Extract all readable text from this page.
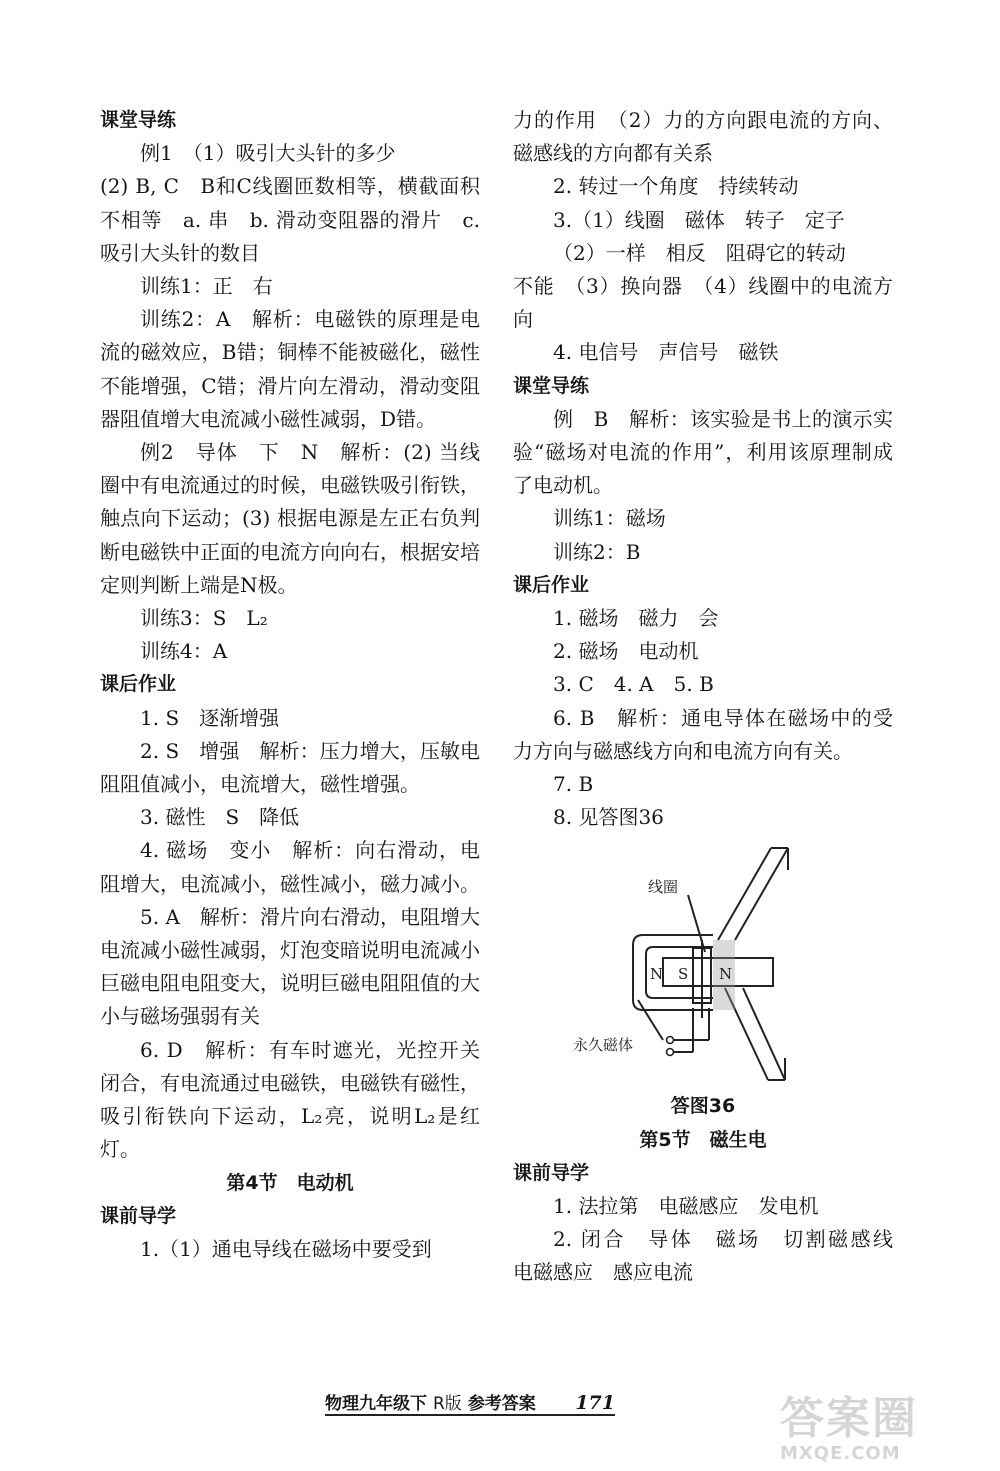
课堂导练

例1　（1）吸引大头针的多少

(2) B, C　B和C线圈匝数相等，横截面积不相等　a. 串　b. 滑动变阻器的滑片　c. 吸引大头针的数目

训练1：正　右

训练2：A　解析：电磁铁的原理是电流的磁效应，B错；铜棒不能被磁化，磁性不能增强，C错；滑片向左滑动，滑动变阻器阻值增大电流减小磁性减弱，D错。

例2　导体　下　N　解析：(2) 当线圈中有电流通过的时候，电磁铁吸引衔铁，触点向下运动；(3) 根据电源是左正右负判断电磁铁中正面的电流方向向右，根据安培定则判断上端是N极。

训练3：S　L₂

训练4：A

课后作业

1. S　逐渐增强

2. S　增强　解析：压力增大，压敏电阻阻值减小，电流增大，磁性增强。

3. 磁性　S　降低

4. 磁场　变小　解析：向右滑动，电阻增大，电流减小，磁性减小，磁力减小。

5. A　解析：滑片向右滑动，电阻增大电流减小磁性减弱，灯泡变暗说明电流减小巨磁电阻电阻变大，说明巨磁电阻阻值的大小与磁场强弱有关

6. D　解析：有车时遮光，光控开关闭合，有电流通过电磁铁，电磁铁有磁性，吸引衔铁向下运动，L₂亮，说明L₂是红灯。

第4节　电动机

课前导学

1.（1）通电导线在磁场中要受到

力的作用　（2）力的方向跟电流的方向、磁感线的方向都有关系

2. 转过一个角度　持续转动

3.（1）线圈　磁体　转子　定子

（2）一样　相反　阻碍它的转动

不能　（3）换向器　（4）线圈中的电流方向

4. 电信号　声信号　磁铁

课堂导练

例　B　解析：该实验是书上的演示实验“磁场对电流的作用”，利用该原理制成了电动机。

训练1：磁场

训练2：B

课后作业

1. 磁场　磁力　会

2. 磁场　电动机

3. C　4. A　5. B

6. B　解析：通电导体在磁场中的受力方向与磁感线方向和电流方向有关。

7. B

8. 见答图36

线圈
永久磁体
N S N
答图36

第5节　磁生电

课前导学

1. 法拉第　电磁感应　发电机

2. 闭合　导体　磁场　切割磁感线　电磁感应　感应电流

物理九年级下 R版 参考答案 171	答案圈
MXQE.COM
